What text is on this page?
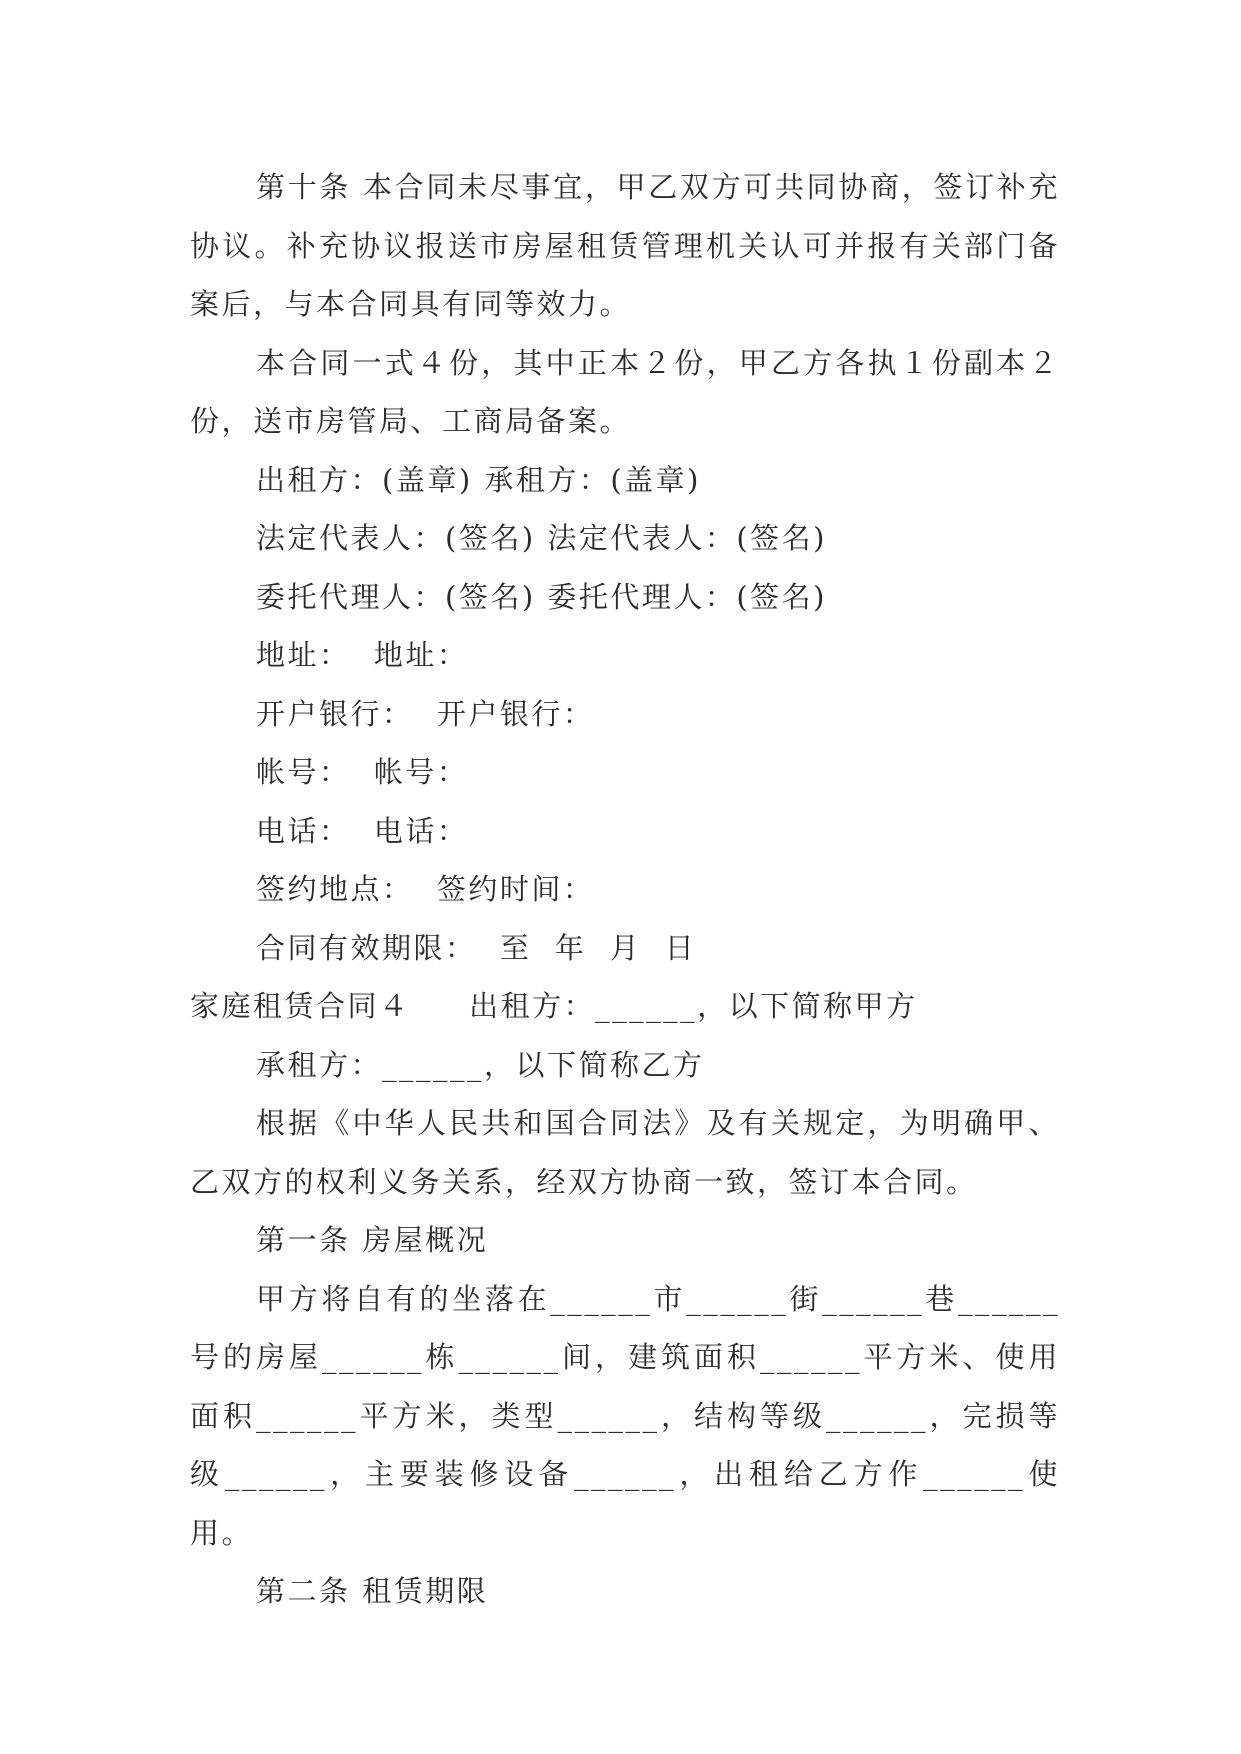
第十条 本合同未尽事宜，甲乙双方可共同协商，签订补充协议。补充协议报送市房屋租赁管理机关认可并报有关部门备案后，与本合同具有同等效力。

本合同一式４份，其中正本２份，甲乙方各执１份副本２份，送市房管局、工商局备案。

出租方：(盖章) 承租方：(盖章)

法定代表人：(签名) 法定代表人：(签名)

委托代理人：(签名) 委托代理人：(签名)

地址：  地址：

开户银行：  开户银行：

帐号：  帐号：

电话：  电话：

签约地点：  签约时间：

合同有效期限：  至  年  月  日

家庭租赁合同４     出租方：______，以下简称甲方

承租方：______，以下简称乙方

根据《中华人民共和国合同法》及有关规定，为明确甲、乙双方的权利义务关系，经双方协商一致，签订本合同。

第一条 房屋概况

甲方将自有的坐落在______市______街______巷______号的房屋______栋______间，建筑面积______平方米、使用面积______平方米，类型______，结构等级______，完损等级______，主要装修设备______，出租给乙方作______使用。

第二条 租赁期限
